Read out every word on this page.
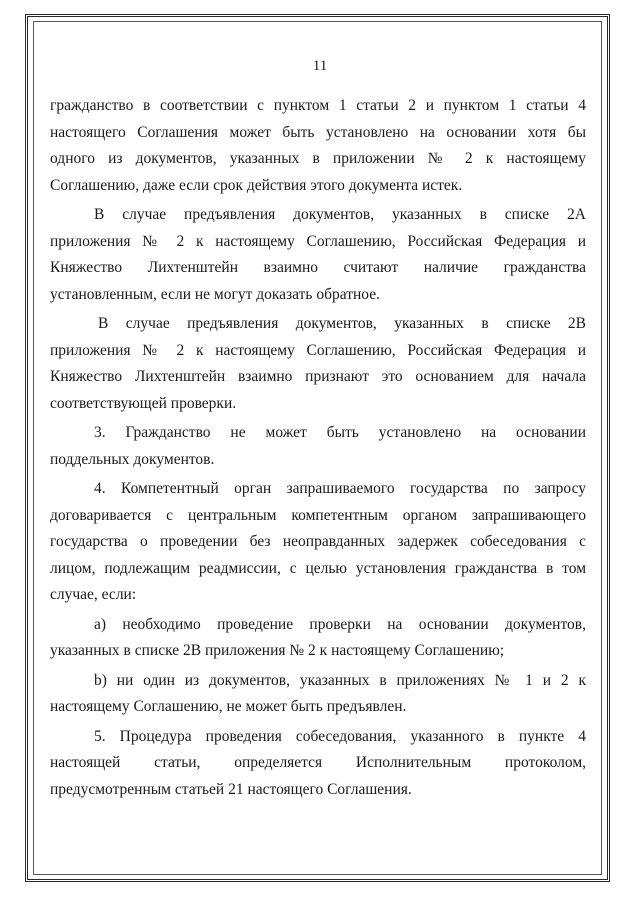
11

гражданство в соответствии с пунктом 1 статьи 2 и пунктом 1 статьи 4
настоящего Соглашения может быть установлено на основании хотя бы
одного из документов, указанных в приложении № 2 к настоящему
Соглашению, даже если срок действия этого документа истек.

В случае предъявления документов, указанных в списке 2А
приложения № 2 к настоящему Соглашению, Российская Федерация и
Княжество Лихтенштейн взаимно считают наличие гражданства
установленным, если не могут доказать обратное.

В случае предъявления документов, указанных в списке 2В
приложения № 2 к настоящему Соглашению, Российская Федерация и
Княжество Лихтенштейн взаимно признают это основанием для начала
соответствующей проверки.

3. Гражданство не может быть установлено на основании
поддельных документов.

4. Компетентный орган запрашиваемого государства по запросу
договаривается с центральным компетентным органом запрашивающего
государства о проведении без неоправданных задержек собеседования с
лицом, подлежащим реадмиссии, с целью установления гражданства в том
случае, если:

а) необходимо проведение проверки на основании документов,
указанных в списке 2В приложения № 2 к настоящему Соглашению;

b) ни один из документов, указанных в приложениях № 1 и 2 к
настоящему Соглашению, не может быть предъявлен.

5. Процедура проведения собеседования, указанного в пункте 4
настоящей статьи, определяется Исполнительным протоколом,
предусмотренным статьей 21 настоящего Соглашения.
